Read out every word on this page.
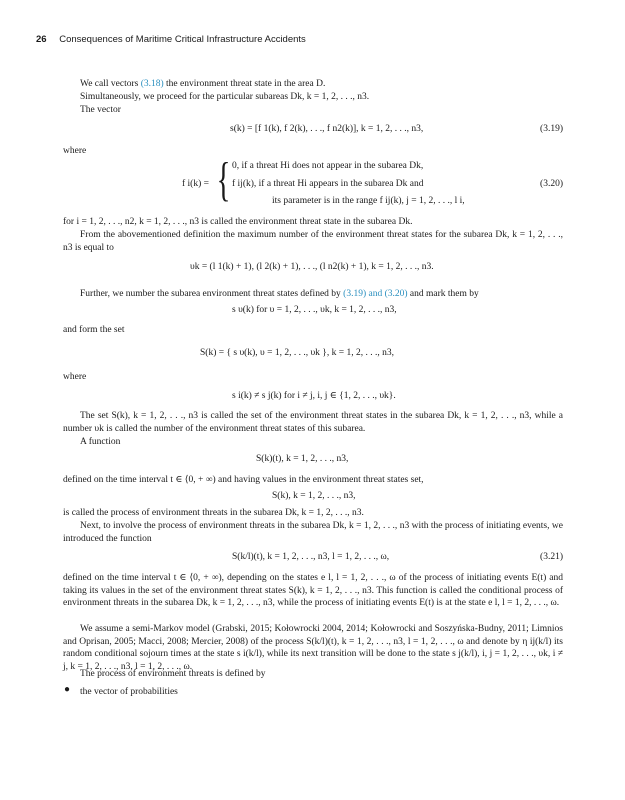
26 Consequences of Maritime Critical Infrastructure Accidents
We call vectors (3.18) the environment threat state in the area D.
Simultaneously, we proceed for the particular subareas Dk, k = 1, 2, . . ., n3.
The vector
s(k) = [f 1(k), f 2(k), . . ., f n2(k)], k = 1, 2, . . ., n3,	(3.19)
where
f i(k) = { 0, if a threat Hi does not appear in the subarea Dk,
f ij(k), if a threat Hi appears in the subarea Dk and
its parameter is in the range f ij(k), j = 1, 2, . . ., l i,
(3.20)
for i = 1, 2, . . ., n2, k = 1, 2, . . ., n3 is called the environment threat state in the subarea Dk.
From the abovementioned definition the maximum number of the environment threat states for the subarea Dk, k = 1, 2, . . ., n3 is equal to
υk = (l 1(k) + 1), (l 2(k) + 1), . . ., (l n2(k) + 1), k = 1, 2, . . ., n3.
Further, we number the subarea environment threat states defined by (3.19) and (3.20) and mark them by
s υ(k) for υ = 1, 2, . . ., υk, k = 1, 2, . . ., n3,
and form the set
S(k) = { s υ(k), υ = 1, 2, . . ., υk }, k = 1, 2, . . ., n3,
where
s i(k) ≠ s j(k) for i ≠ j, i, j ∈ {1, 2, . . ., υk}.
The set S(k), k = 1, 2, . . ., n3 is called the set of the environment threat states in the subarea Dk, k = 1, 2, . . ., n3, while a number υk is called the number of the environment threat states of this subarea.
A function
S(k)(t), k = 1, 2, . . ., n3,
defined on the time interval t ∈ ⟨0, + ∞) and having values in the environment threat states set,
S(k), k = 1, 2, . . ., n3,
is called the process of environment threats in the subarea Dk, k = 1, 2, . . ., n3.
Next, to involve the process of environment threats in the subarea Dk, k = 1, 2, . . ., n3 with the process of initiating events, we introduced the function
S(k/l)(t), k = 1, 2, . . ., n3, l = 1, 2, . . ., ω,	(3.21)
defined on the time interval t ∈ ⟨0, + ∞), depending on the states e l, l = 1, 2, . . ., ω of the process of initiating events E(t) and taking its values in the set of the environment threat states S(k), k = 1, 2, . . ., n3. This function is called the conditional process of environment threats in the subarea Dk, k = 1, 2, . . ., n3, while the process of initiating events E(t) is at the state e l, l = 1, 2, . . ., ω.
We assume a semi-Markov model (Grabski, 2015; Kołowrocki 2004, 2014; Kołowrocki and Soszyńska-Budny, 2011; Limnios and Oprisan, 2005; Macci, 2008; Mercier, 2008) of the process S(k/l)(t), k = 1, 2, . . ., n3, l = 1, 2, . . ., ω and denote by η ij(k/l) its random conditional sojourn times at the state s i(k/l), while its next transition will be done to the state s j(k/l), i, j = 1, 2, . . ., υk, i ≠ j, k = 1, 2, . . ., n3, l = 1, 2, . . ., ω.
The process of environment threats is defined by
● the vector of probabilities
